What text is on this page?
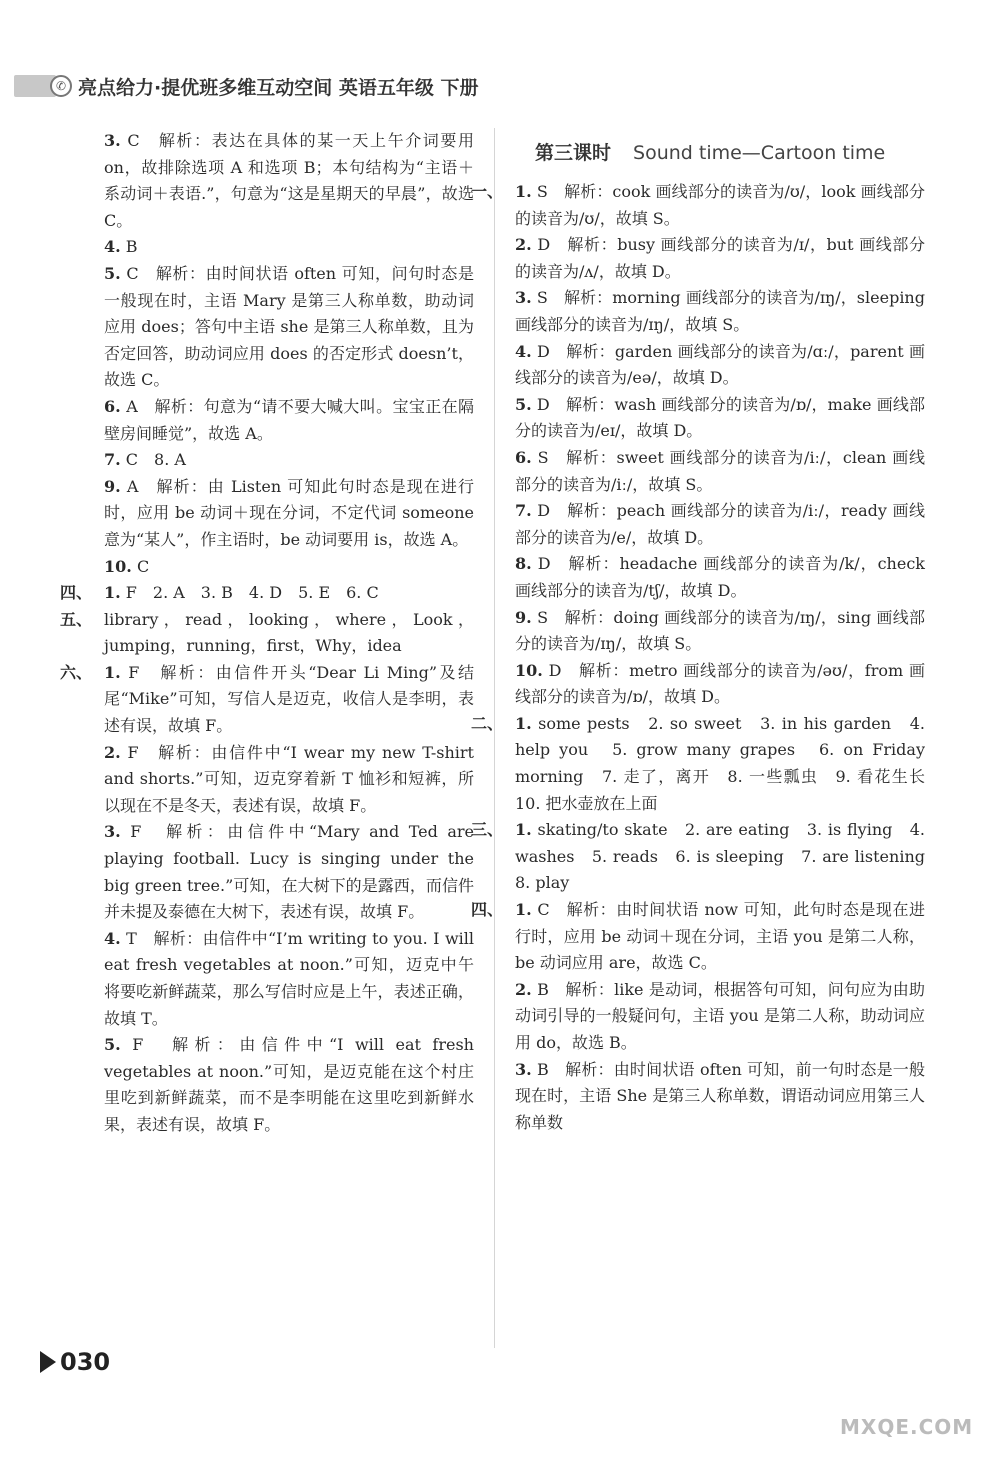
✆ 亮点给力·提优班多维互动空间 英语五年级 下册
3. C　解析：表达在具体的某一天上午介词要用 on，故排除选项 A 和选项 B；本句结构为“主语＋系动词＋表语.”，句意为“这是星期天的早晨”，故选 C。
4. B
5. C　解析：由时间状语 often 可知，问句时态是一般现在时，主语 Mary 是第三人称单数，助动词应用 does；答句中主语 she 是第三人称单数，且为否定回答，助动词应用 does 的否定形式 doesn’t，故选 C。
6. A　解析：句意为“请不要大喊大叫。宝宝正在隔壁房间睡觉”，故选 A。
7. C　8. A
9. A　解析：由 Listen 可知此句时态是现在进行时，应用 be 动词＋现在分词，不定代词 someone 意为“某人”，作主语时，be 动词要用 is，故选 A。
10. C
四、 1. F　2. A　3. B　4. D　5. E　6. C
五、 library，read，looking，where，Look，jumping，running，first，Why，idea
六、 1. F　解析：由信件开头“Dear Li Ming”及结尾“Mike”可知，写信人是迈克，收信人是李明，表述有误，故填 F。
2. F　解析：由信件中“I wear my new T-shirt and shorts.”可知，迈克穿着新 T 恤衫和短裤，所以现在不是冬天，表述有误，故填 F。
3. F　解析：由信件中“Mary and Ted are playing football. Lucy is singing under the big green tree.”可知，在大树下的是露西，而信件并未提及泰德在大树下，表述有误，故填 F。
4. T　解析：由信件中“I’m writing to you. I will eat fresh vegetables at noon.”可知，迈克中午将要吃新鲜蔬菜，那么写信时应是上午，表述正确，故填 T。
5. F　解析：由信件中“I will eat fresh vegetables at noon.”可知，是迈克能在这个村庄里吃到新鲜蔬菜，而不是李明能在这里吃到新鲜水果，表述有误，故填 F。
第三课时 Sound time—Cartoon time
一、 1. S　解析：cook 画线部分的读音为/ʊ/，look 画线部分的读音为/ʊ/，故填 S。
2. D　解析：busy 画线部分的读音为/ɪ/，but 画线部分的读音为/ʌ/，故填 D。
3. S　解析：morning 画线部分的读音为/ɪŋ/，sleeping 画线部分的读音为/ɪŋ/，故填 S。
4. D　解析：garden 画线部分的读音为/ɑː/，parent 画线部分的读音为/eə/，故填 D。
5. D　解析：wash 画线部分的读音为/ɒ/，make 画线部分的读音为/eɪ/，故填 D。
6. S　解析：sweet 画线部分的读音为/iː/，clean 画线部分的读音为/iː/，故填 S。
7. D　解析：peach 画线部分的读音为/iː/，ready 画线部分的读音为/e/，故填 D。
8. D　解析：headache 画线部分的读音为/k/，check 画线部分的读音为/tʃ/，故填 D。
9. S　解析：doing 画线部分的读音为/ɪŋ/，sing 画线部分的读音为/ɪŋ/，故填 S。
10. D　解析：metro 画线部分的读音为/əʊ/，from 画线部分的读音为/ɒ/，故填 D。
二、 1. some pests　2. so sweet　3. in his garden　4. help you　5. grow many grapes　6. on Friday morning　7. 走了，离开　8. 一些瓢虫　9. 看花生长　10. 把水壶放在上面
三、 1. skating/to skate　2. are eating　3. is flying　4. washes　5. reads　6. is sleeping　7. are listening　8. play
四、 1. C　解析：由时间状语 now 可知，此句时态是现在进行时，应用 be 动词＋现在分词，主语 you 是第二人称，be 动词应用 are，故选 C。
2. B　解析：like 是动词，根据答句可知，问句应为由助动词引导的一般疑问句，主语 you 是第二人称，助动词应用 do，故选 B。
3. B　解析：由时间状语 often 可知，前一句时态是一般现在时，主语 She 是第三人称单数，谓语动词应用第三人称单数
030
MXQE.COM
